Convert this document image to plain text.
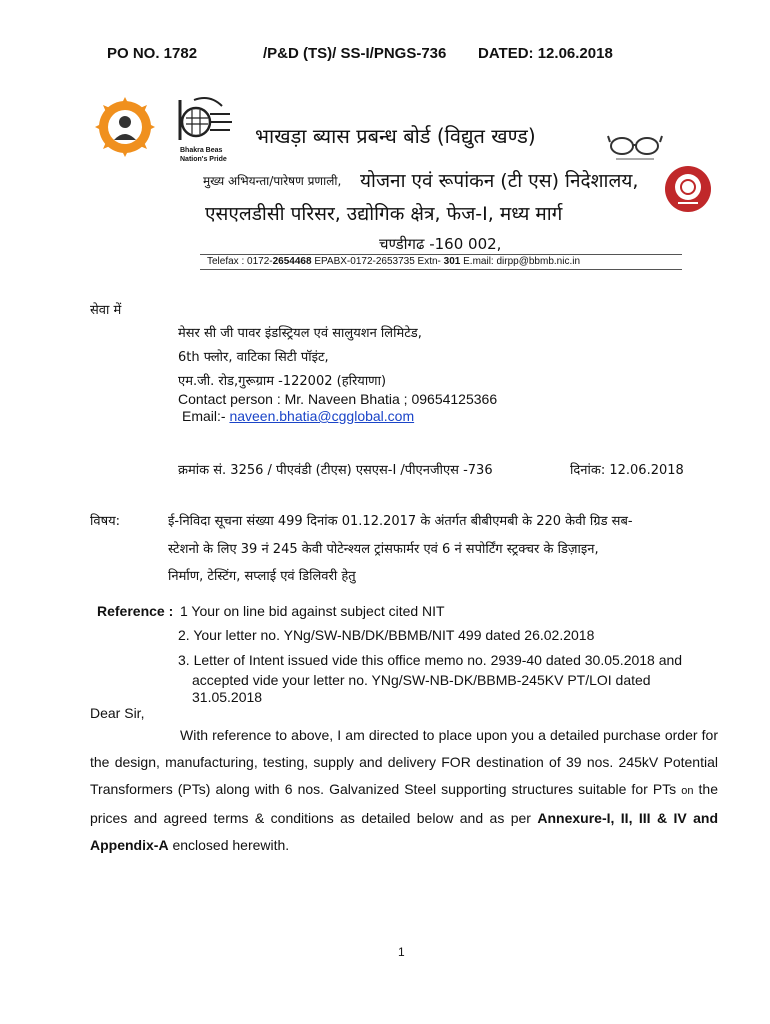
PO NO. 1782	/P&D (TS)/ SS-I/PNGS-736 DATED: 12.06.2018
Bhakra Beas
Nation's Pride
भाखड़ा ब्यास प्रबन्ध बोर्ड (विद्युत खण्ड)
मुख्य अभियन्ता/पारेषण प्रणाली, योजना एवं रूपांकन (टी एस) निदेशालय,
एसएलडीसी परिसर, उद्योगिक क्षेत्र, फेज-I, मध्य मार्ग
चण्डीगढ -160 002,
Telefax : 0172-2654468 EPABX-0172-2653735 Extn- 301 E.mail: dirpp@bbmb.nic.in
सेवा में
मेसर सी जी पावर इंडस्ट्रियल एवं सालुयशन लिमिटेड,
6th फ्लोर, वाटिका सिटी पॉइंट,
एम.जी. रोड,गुरूग्राम -122002 (हरियाणा)
Contact person : Mr. Naveen Bhatia ; 09654125366
Email:- naveen.bhatia@cgglobal.com
क्रमांक सं. 3256 / पीएवंडी (टीएस) एसएस-I /पीएनजीएस -736	दिनांक: 12.06.2018
विषय:	ई-निविदा सूचना संख्या 499 दिनांक 01.12.2017 के अंतर्गत बीबीएमबी के 220 केवी ग्रिड सब-
स्टेशनो के लिए 39 नं 245 केवी पोटेन्श्यल ट्रांसफार्मर एवं 6 नं सपोर्टिंग स्ट्रक्चर के डिज़ाइन,
निर्माण, टेस्टिंग, सप्लाई एवं डिलिवरी हेतु
Reference : 1 Your on line bid against subject cited NIT
2. Your letter no. YNg/SW-NB/DK/BBMB/NIT 499 dated 26.02.2018
3. Letter of Intent issued vide this office memo no. 2939-40 dated 30.05.2018 and
accepted vide your letter no. YNg/SW-NB-DK/BBMB-245KV PT/LOI dated
31.05.2018
Dear Sir,
With reference to above, I am directed to place upon you a detailed purchase order for the design, manufacturing, testing, supply and delivery FOR destination of 39 nos. 245kV Potential Transformers (PTs) along with 6 nos. Galvanized Steel supporting structures suitable for PTs on the prices and agreed terms & conditions as detailed below and as per Annexure-I, II, III & IV and Appendix-A enclosed herewith.
1
